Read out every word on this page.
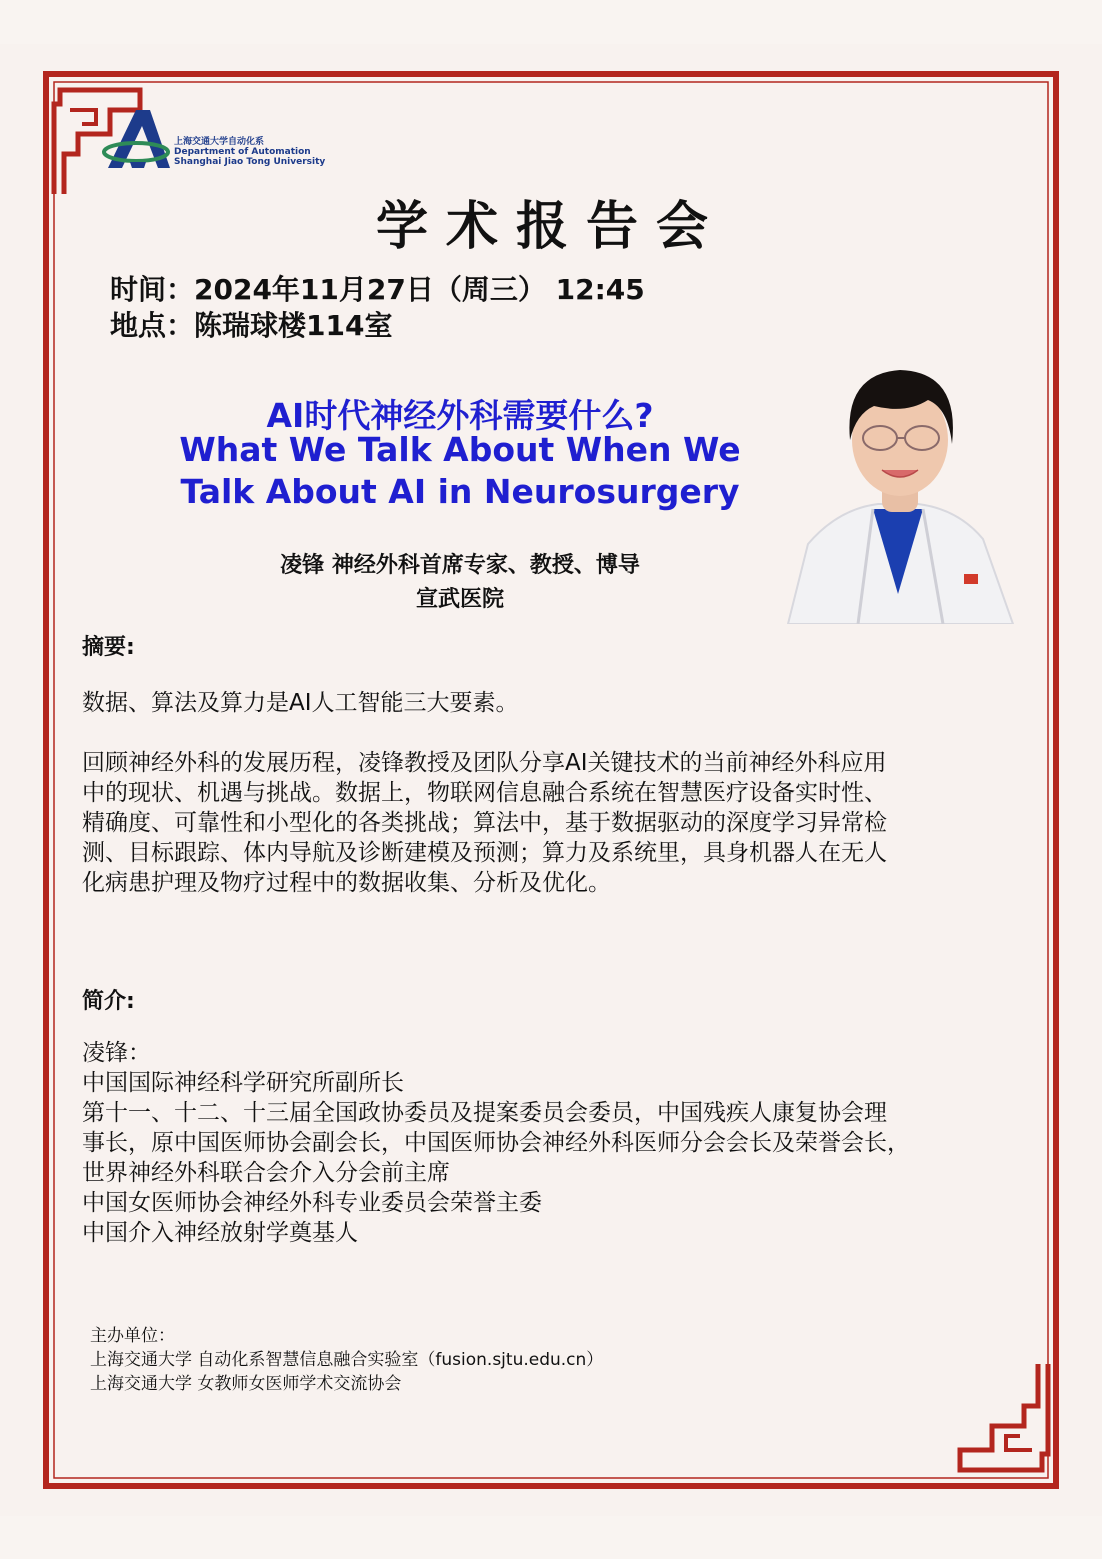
上海交通大学自动化系
Department of Automation
Shanghai Jiao Tong University
学术报告会
时间：2024年11月27日（周三） 12:45
地点：陈瑞球楼114室
AI时代神经外科需要什么?
What We Talk About When We
Talk About AI in Neurosurgery
凌锋 神经外科首席专家、教授、博导
宣武医院
摘要:
数据、算法及算力是AI人工智能三大要素。
回顾神经外科的发展历程，凌锋教授及团队分享AI关键技术的当前神经外科应用
中的现状、机遇与挑战。数据上，物联网信息融合系统在智慧医疗设备实时性、
精确度、可靠性和小型化的各类挑战；算法中，基于数据驱动的深度学习异常检
测、目标跟踪、体内导航及诊断建模及预测；算力及系统里，具身机器人在无人
化病患护理及物疗过程中的数据收集、分析及优化。
简介:
凌锋：
中国国际神经科学研究所副所长
第十一、十二、十三届全国政协委员及提案委员会委员，中国残疾人康复协会理
事长，原中国医师协会副会长，中国医师协会神经外科医师分会会长及荣誉会长，
世界神经外科联合会介入分会前主席
中国女医师协会神经外科专业委员会荣誉主委
中国介入神经放射学奠基人
主办单位：
上海交通大学 自动化系智慧信息融合实验室（fusion.sjtu.edu.cn）
上海交通大学 女教师女医师学术交流协会
